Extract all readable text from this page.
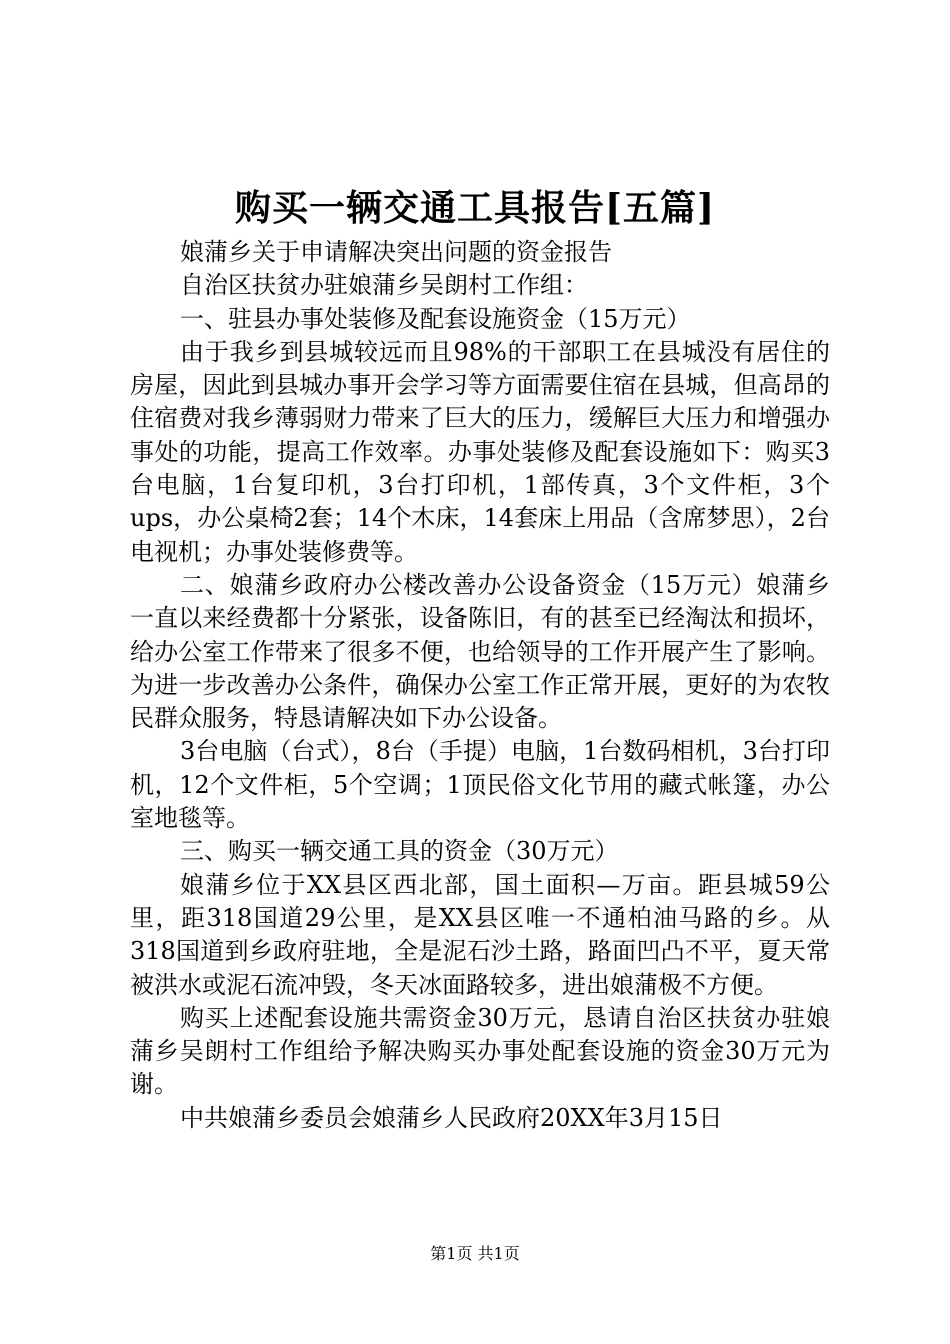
购买一辆交通工具报告[五篇]

娘蒲乡关于申请解决突出问题的资金报告

自治区扶贫办驻娘蒲乡吴朗村工作组：

一、驻县办事处装修及配套设施资金（15万元）

由于我乡到县城较远而且98%的干部职工在县城没有居住的房屋，因此到县城办事开会学习等方面需要住宿在县城，但高昂的住宿费对我乡薄弱财力带来了巨大的压力，缓解巨大压力和增强办事处的功能，提高工作效率。办事处装修及配套设施如下：购买3台电脑，1台复印机，3台打印机，1部传真，3个文件柜，3个ups，办公桌椅2套；14个木床，14套床上用品（含席梦思），2台电视机；办事处装修费等。

二、娘蒲乡政府办公楼改善办公设备资金（15万元）娘蒲乡一直以来经费都十分紧张，设备陈旧，有的甚至已经淘汰和损坏，给办公室工作带来了很多不便，也给领导的工作开展产生了影响。为进一步改善办公条件，确保办公室工作正常开展，更好的为农牧民群众服务，特恳请解决如下办公设备。

3台电脑（台式），8台（手提）电脑，1台数码相机，3台打印机，12个文件柜，5个空调；1顶民俗文化节用的藏式帐篷，办公室地毯等。

三、购买一辆交通工具的资金（30万元）

娘蒲乡位于XX县区西北部，国土面积—万亩。距县城59公里，距318国道29公里，是XX县区唯一不通柏油马路的乡。从318国道到乡政府驻地，全是泥石沙土路，路面凹凸不平，夏天常被洪水或泥石流冲毁，冬天冰面路较多，进出娘蒲极不方便。

购买上述配套设施共需资金30万元，恳请自治区扶贫办驻娘蒲乡吴朗村工作组给予解决购买办事处配套设施的资金30万元为谢。

中共娘蒲乡委员会娘蒲乡人民政府20XX年3月15日

第1页 共1页
